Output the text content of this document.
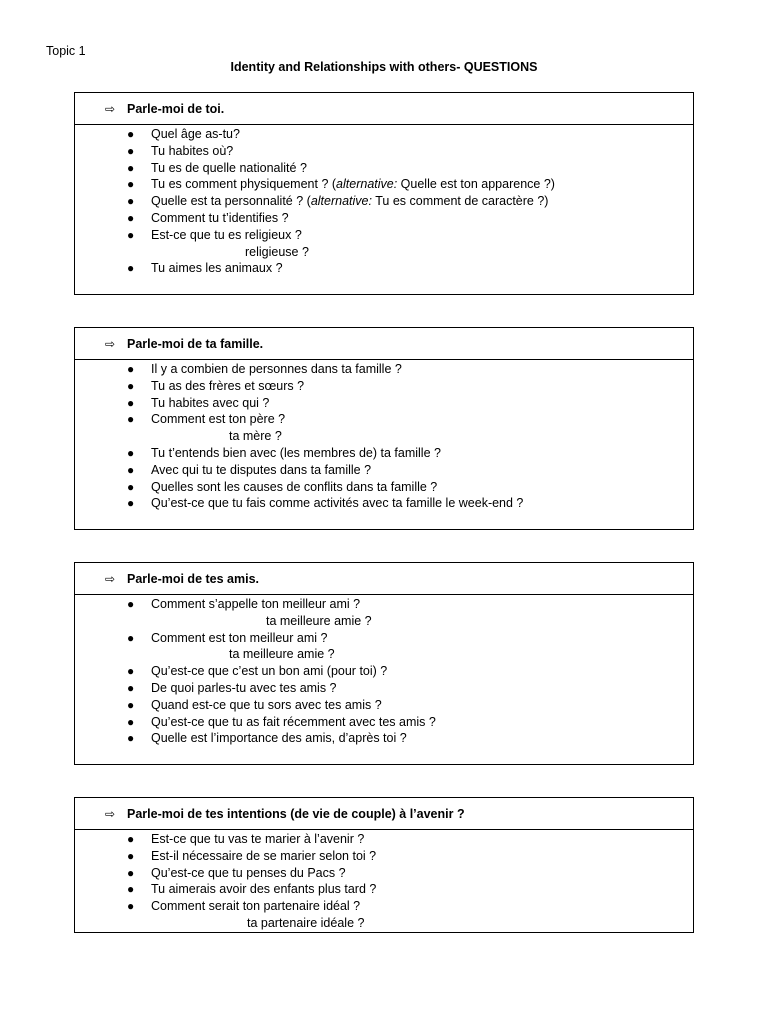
Topic 1
Identity and Relationships with others- QUESTIONS
⇨ Parle-moi de toi.
● Quel âge as-tu?
● Tu habites où?
● Tu es de quelle nationalité ?
● Tu es comment physiquement ? (alternative: Quelle est ton apparence ?)
● Quelle est ta personnalité ? (alternative: Tu es comment de caractère ?)
● Comment tu t’identifies ?
● Est-ce que tu es religieux ?
religieuse ?
● Tu aimes les animaux ?
⇨ Parle-moi de ta famille.
● Il y a combien de personnes dans ta famille ?
● Tu as des frères et sœurs ?
● Tu habites avec qui ?
● Comment est ton père ?
ta mère ?
● Tu t’entends bien avec (les membres de) ta famille ?
● Avec qui tu te disputes dans ta famille ?
● Quelles sont les causes de conflits dans ta famille ?
● Qu’est-ce que tu fais comme activités avec ta famille le week-end ?
⇨ Parle-moi de tes amis.
● Comment s’appelle ton meilleur ami ?
ta meilleure amie ?
● Comment est ton meilleur ami ?
ta meilleure amie ?
● Qu’est-ce que c’est un bon ami (pour toi) ?
● De quoi parles-tu avec tes amis ?
● Quand est-ce que tu sors avec tes amis ?
● Qu’est-ce que tu as fait récemment avec tes amis ?
● Quelle est l’importance des amis, d’après toi ?
⇨ Parle-moi de tes intentions (de vie de couple) à l’avenir ?
● Est-ce que tu vas te marier à l’avenir ?
● Est-il nécessaire de se marier selon toi ?
● Qu’est-ce que tu penses du Pacs ?
● Tu aimerais avoir des enfants plus tard ?
● Comment serait ton partenaire idéal ?
ta partenaire idéale ?
